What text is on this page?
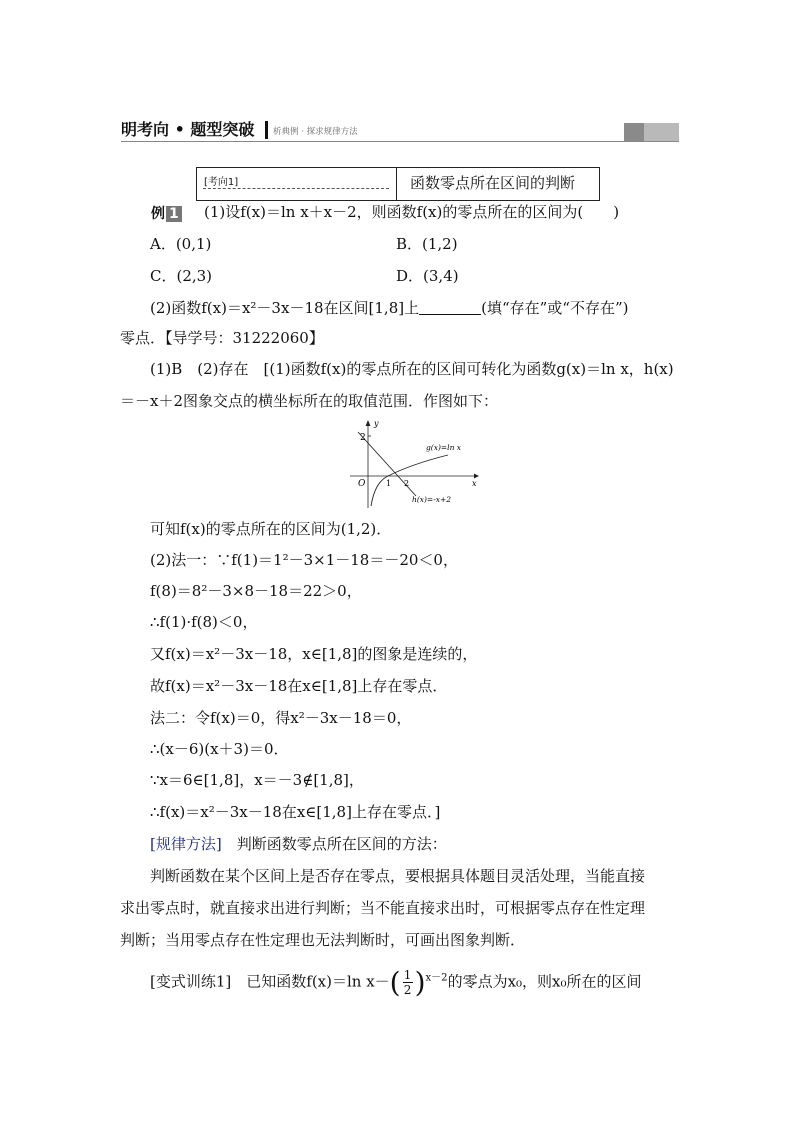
明考向 • 题型突破 析典例 · 探求规律方法
[考向1]	函数零点所在区间的判断
例 1 (1)设f(x)＝ln x＋x－2，则函数f(x)的零点所在的区间为(　　)
A．(0,1)	B．(1,2)
C．(2,3)	D．(3,4)
(2)函数f(x)＝x²－3x－18在区间[1,8]上	(填“存在”或“不存在”)
零点．【导学号：31222060】
(1)B　(2)存在　[(1)函数f(x)的零点所在的区间可转化为函数g(x)＝ln x，h(x)
＝－x＋2图象交点的横坐标所在的取值范围．作图如下：
2
y
x
O	1 2
g(x)=ln x
h(x)=-x+2
可知f(x)的零点所在的区间为(1,2)．
(2)法一：∵f(1)＝1²－3×1－18＝－20＜0，
f(8)＝8²－3×8－18＝22＞0，
∴f(1)·f(8)＜0，
又f(x)＝x²－3x－18，x∈[1,8]的图象是连续的，
故f(x)＝x²－3x－18在x∈[1,8]上存在零点．
法二：令f(x)＝0，得x²－3x－18＝0，
∴(x－6)(x＋3)＝0．
∵x＝6∈[1,8]，x＝－3∉[1,8]，
∴f(x)＝x²－3x－18在x∈[1,8]上存在零点．]
[规律方法]　 判断函数零点所在区间的方法：
判断函数在某个区间上是否存在零点，要根据具体题目灵活处理，当能直接
求出零点时，就直接求出进行判断；当不能直接求出时，可根据零点存在性定理
判断；当用零点存在性定理也无法判断时，可画出图象判断．
[变式训练1]　 已知函数f(x)＝ln $x-( \frac{1}{2} )^{x-2}$的零点为x₀，则x₀所在的区间
